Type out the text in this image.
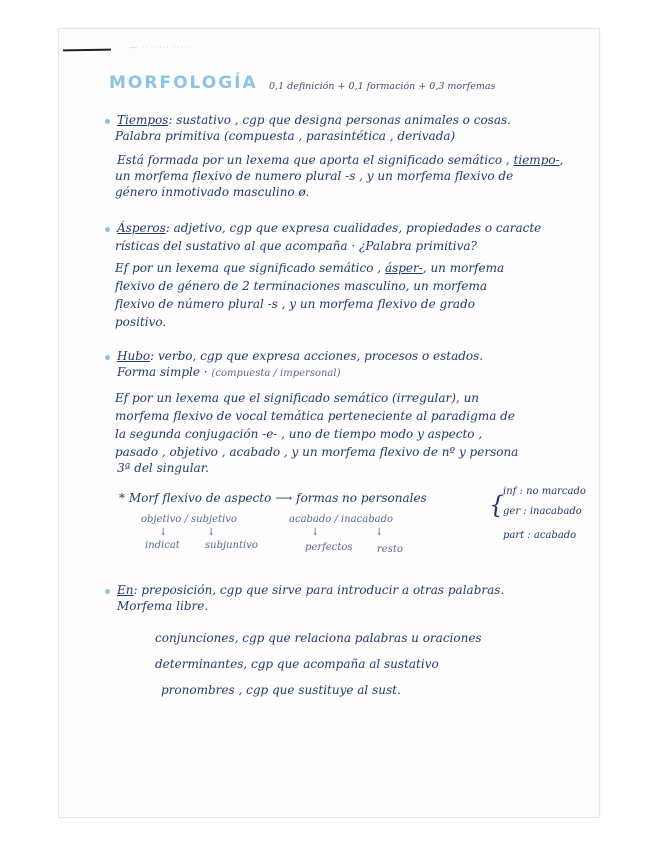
— ·· ····· ·····
MORFOLOGÍA 0,1 definición + 0,1 formación + 0,3 morfemas
Tiempos: sustativo , cgp que designa personas animales o cosas.
Palabra primitiva (compuesta , parasintética , derivada)
Está formada por un lexema que aporta el significado semático , tiempo-,
un morfema flexivo de numero plural -s , y un morfema flexivo de
género inmotivado masculino ø.
Ásperos: adjetivo, cgp que expresa cualidades, propiedades o caracte
rísticas del sustativo al que acompaña · ¿Palabra primitiva?
Ef por un lexema que significado semático , ásper-, un morfema
flexivo de género de 2 terminaciones masculino, un morfema
flexivo de número plural -s , y un morfema flexivo de grado
positivo.
Hubo: verbo, cgp que expresa acciones, procesos o estados.
Forma simple · (compuesta / impersonal)
Ef por un lexema que el significado semático (irregular), un
morfema flexivo de vocal temática perteneciente al paradigma de
la segunda conjugación -e- , uno de tiempo modo y aspecto ,
pasado , objetivo , acabado , y un morfema flexivo de nº y persona
3ª del singular.
* Morf flexivo de aspecto ⟶ formas no personales	{
inf : no marcado
ger : inacabado
part : acabado
objetivo / subjetivo	acabado / inacabado
↓	↓	↓	↓
indicat	subjuntivo	perfectos resto
En: preposición, cgp que sirve para introducir a otras palabras.
Morfema libre.
conjunciones, cgp que relaciona palabras u oraciones
determinantes, cgp que acompaña al sustativo
pronombres , cgp que sustituye al sust.
